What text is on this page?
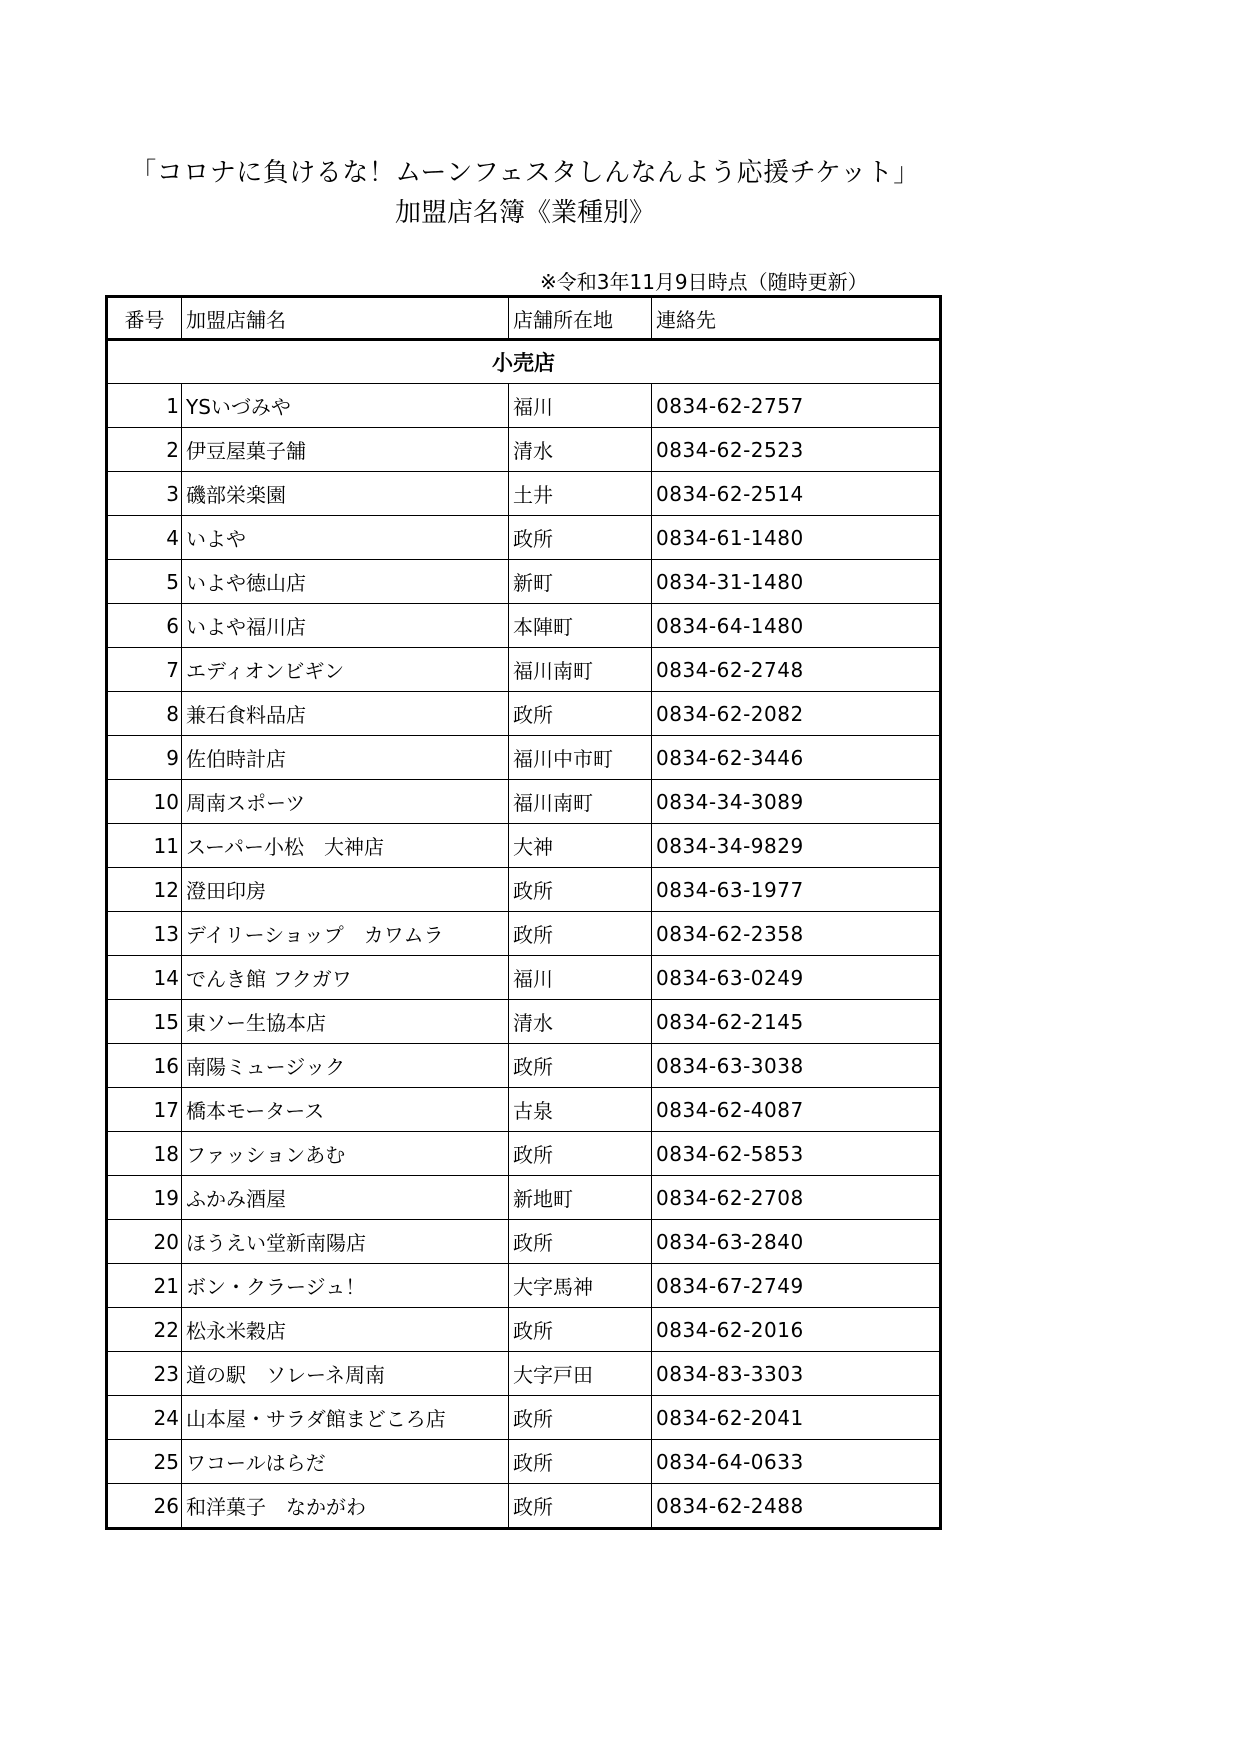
「コロナに負けるな！ムーンフェスタしんなんよう応援チケット」
加盟店名簿《業種別》
※令和3年11月9日時点（随時更新）
番号	加盟店舗名	店舗所在地	連絡先
小売店			
1	YSいづみや	福川	0834-62-2757
2	伊豆屋菓子舗	清水	0834-62-2523
3	磯部栄楽園	土井	0834-62-2514
4	いよや	政所	0834-61-1480
5	いよや徳山店	新町	0834-31-1480
6	いよや福川店	本陣町	0834-64-1480
7	エディオンビギン	福川南町	0834-62-2748
8	兼石食料品店	政所	0834-62-2082
9	佐伯時計店	福川中市町	0834-62-3446
10	周南スポーツ	福川南町	0834-34-3089
11	スーパー小松　大神店	大神	0834-34-9829
12	澄田印房	政所	0834-63-1977
13	デイリーショップ　カワムラ	政所	0834-62-2358
14	でんき館 フクガワ	福川	0834-63-0249
15	東ソー生協本店	清水	0834-62-2145
16	南陽ミュージック	政所	0834-63-3038
17	橋本モータース	古泉	0834-62-4087
18	ファッションあむ	政所	0834-62-5853
19	ふかみ酒屋	新地町	0834-62-2708
20	ほうえい堂新南陽店	政所	0834-63-2840
21	ボン・クラージュ！	大字馬神	0834-67-2749
22	松永米穀店	政所	0834-62-2016
23	道の駅　ソレーネ周南	大字戸田	0834-83-3303
24	山本屋・サラダ館まどころ店	政所	0834-62-2041
25	ワコールはらだ	政所	0834-64-0633
26	和洋菓子　なかがわ	政所	0834-62-2488
